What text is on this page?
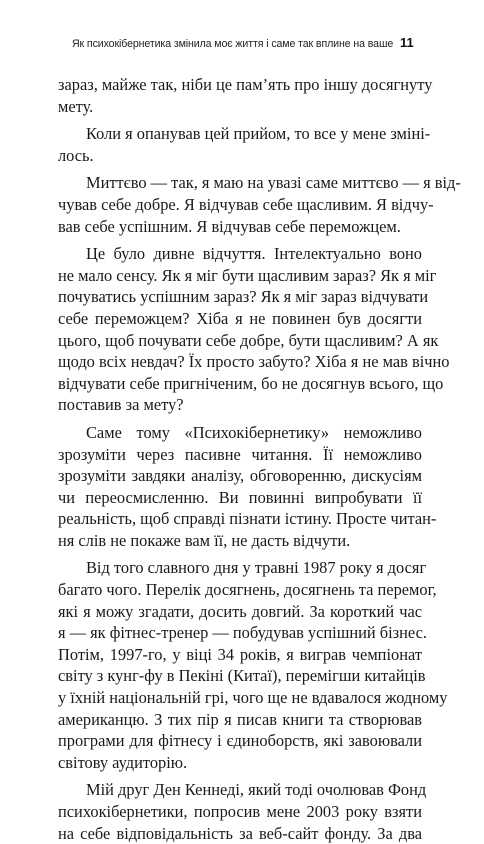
Як психокібернетика змінила моє життя і саме так вплине на ваше 11
зараз, майже так, ніби це пам’ять про іншу досягнуту
мету.
Коли я опанував цей прийом, то все у мене змінi-
лось.
Миттєво — так, я маю на увазі саме миттєво — я від-
чував себе добре. Я відчував себе щасливим. Я відчу-
вав себе успішним. Я відчував себе переможцем.
Це було дивне відчуття. Інтелектуально воно
не мало сенсу. Як я міг бути щасливим зараз? Як я міг
почуватись успішним зараз? Як я міг зараз відчувати
себе переможцем? Хіба я не повинен був досягти
цього, щоб почувати себе добре, бути щасливим? А як
щодо всіх невдач? Їх просто забуто? Хіба я не мав вічно
відчувати себе пригніченим, бо не досягнув всього, що
поставив за мету?
Саме тому «Психокібернетику» неможливо
зрозуміти через пасивне читання. Її неможливо
зрозуміти завдяки аналізу, обговоренню, дискусіям
чи переосмисленню. Ви повинні випробувати її
реальність, щоб справді пізнати істину. Просте читан-
ня слів не покаже вам її, не дасть відчути.
Від того славного дня у травні 1987 року я досяг
багато чого. Перелік досягнень, досягнень та перемог,
які я можу згадати, досить довгий. За короткий час
я — як фітнес-тренер — побудував успішний бізнес.
Потім, 1997-го, у віці 34 років, я виграв чемпіонат
світу з кунг-фу в Пекіні (Китаї), перемігши китайців
у їхній національній грі, чого ще не вдавалося жодному
американцю. З тих пір я писав книги та створював
програми для фітнесу і єдиноборств, які завоювали
світову аудиторію.
Мій друг Ден Кеннеді, який тоді очолював Фонд
психокібернетики, попросив мене 2003 року взяти
на себе відповідальність за веб-сайт фонду. За два
